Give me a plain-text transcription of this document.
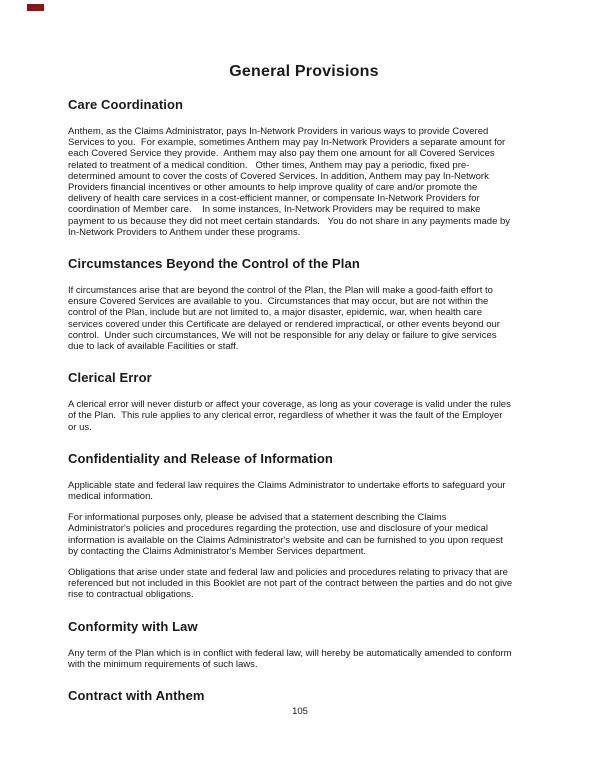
General Provisions
Care Coordination
Anthem, as the Claims Administrator, pays In-Network Providers in various ways to provide Covered
Services to you.  For example, sometimes Anthem may pay In-Network Providers a separate amount for
each Covered Service they provide.  Anthem may also pay them one amount for all Covered Services
related to treatment of a medical condition.   Other times, Anthem may pay a periodic, fixed pre-
determined amount to cover the costs of Covered Services. In addition, Anthem may pay In-Network
Providers financial incentives or other amounts to help improve quality of care and/or promote the
delivery of health care services in a cost-efficient manner, or compensate In-Network Providers for
coordination of Member care.    In some instances, In-Network Providers may be required to make
payment to us because they did not meet certain standards.   You do not share in any payments made by
In-Network Providers to Anthem under these programs.
Circumstances Beyond the Control of the Plan
If circumstances arise that are beyond the control of the Plan, the Plan will make a good-faith effort to
ensure Covered Services are available to you.  Circumstances that may occur, but are not within the
control of the Plan, include but are not limited to, a major disaster, epidemic, war, when health care
services covered under this Certificate are delayed or rendered impractical, or other events beyond our
control.  Under such circumstances, We will not be responsible for any delay or failure to give services
due to lack of available Facilities or staff.
Clerical Error
A clerical error will never disturb or affect your coverage, as long as your coverage is valid under the rules
of the Plan.  This rule applies to any clerical error, regardless of whether it was the fault of the Employer
or us.
Confidentiality and Release of Information
Applicable state and federal law requires the Claims Administrator to undertake efforts to safeguard your
medical information.
For informational purposes only, please be advised that a statement describing the Claims
Administrator's policies and procedures regarding the protection, use and disclosure of your medical
information is available on the Claims Administrator's website and can be furnished to you upon request
by contacting the Claims Administrator's Member Services department.
Obligations that arise under state and federal law and policies and procedures relating to privacy that are
referenced but not included in this Booklet are not part of the contract between the parties and do not give
rise to contractual obligations.
Conformity with Law
Any term of the Plan which is in conflict with federal law, will hereby be automatically amended to conform
with the minimum requirements of such laws.
Contract with Anthem
105
